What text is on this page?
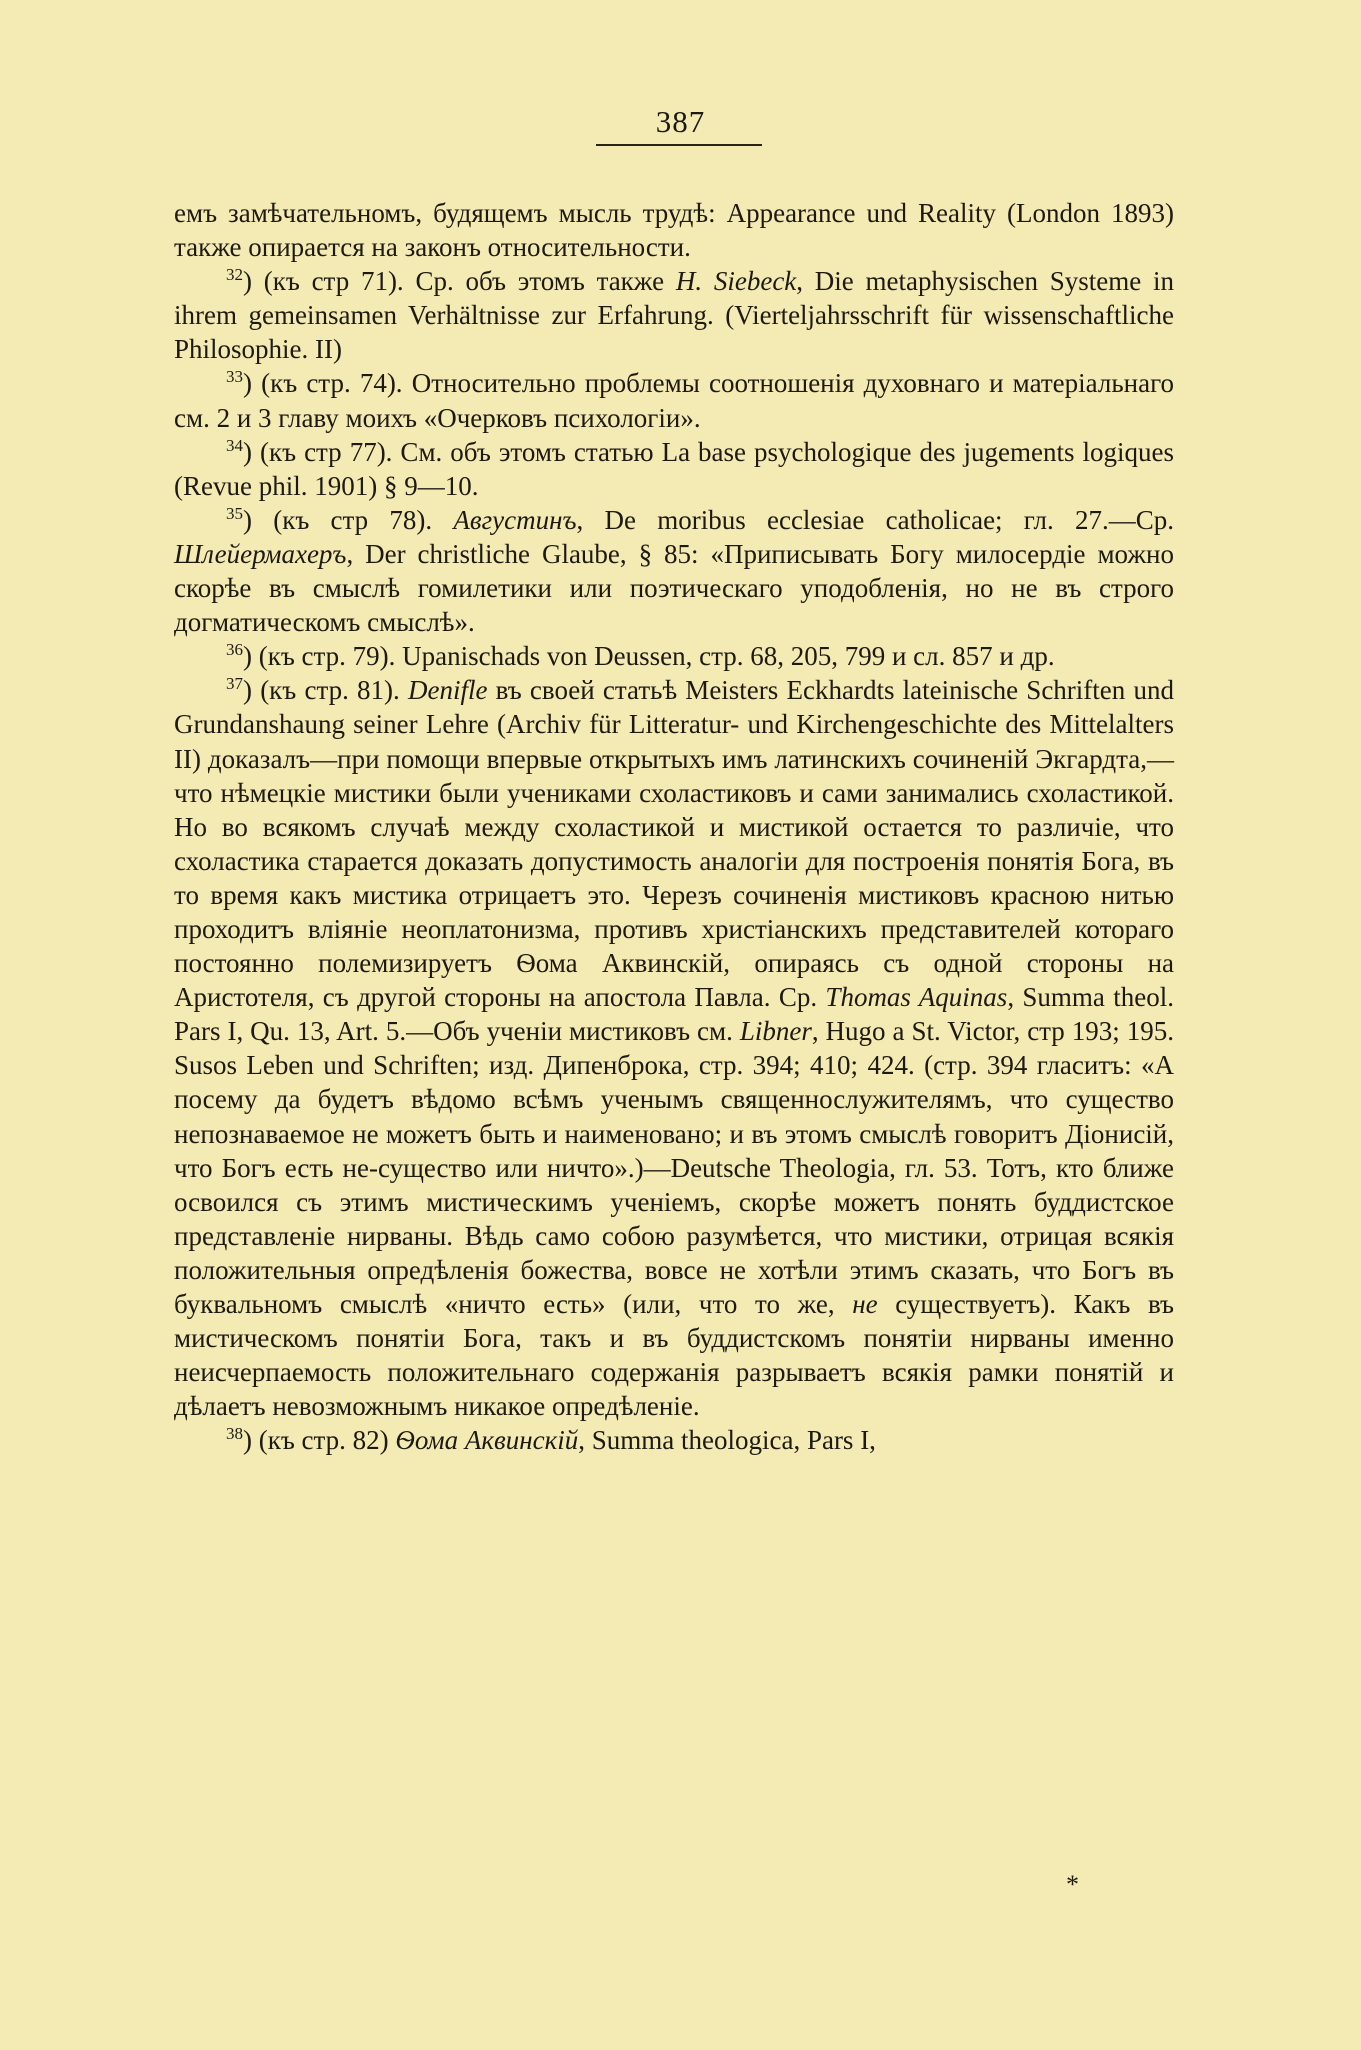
387

емъ замѣчательномъ, будящемъ мысль трудѣ: Appearance und Reality (London 1893) также опирается на законъ относительности.

$^{32}$) (къ стр 71). Ср. объ этомъ также H. Siebeck, Die metaphysischen Systeme in ihrem gemeinsamen Verhältnisse zur Erfahrung. (Vierteljahrsschrift für wissenschaftliche Philosophie. II)

$^{33}$) (къ стр. 74). Относительно проблемы соотношенія духовнаго и матеріальнаго см. 2 и 3 главу моихъ «Очерковъ психологіи».

$^{34}$) (къ стр 77). См. объ этомъ статью La base psychologique des jugements logiques (Revue phil. 1901) § 9—10.

$^{35}$) (къ стр 78). Августинъ, De moribus ecclesiae catholicae; гл. 27.—Ср. Шлейермахеръ, Der christliche Glaube, § 85: «Приписывать Богу милосердіе можно скорѣе въ смыслѣ гомилетики или поэтическаго уподобленія, но не въ строго догматическомъ смыслѣ».

$^{36}$) (къ стр. 79). Upanischads von Deussen, стр. 68, 205, 799 и сл. 857 и др.

$^{37}$) (къ стр. 81). Denifle въ своей статьѣ Meisters Eckhardts lateinische Schriften und Grundanshaung seiner Lehre (Archiv für Litteratur- und Kirchengeschichte des Mittelalters II) доказалъ—при помощи впервые открытыхъ имъ латинскихъ сочиненій Экгардта,—что нѣмецкіе мистики были учениками схоластиковъ и сами занимались схоластикой. Но во всякомъ случаѣ между схоластикой и мистикой остается то различіе, что схоластика старается доказать допустимость аналогіи для построенія понятія Бога, въ то время какъ мистика отрицаетъ это. Черезъ сочиненія мистиковъ красною нитью проходитъ вліяніе неоплатонизма, противъ христіанскихъ представителей котораго постоянно полемизируетъ Ѳома Аквинскій, опираясь съ одной стороны на Аристотеля, съ другой стороны на апостола Павла. Ср. Thomas Aquinas, Summa theol. Pars I, Qu. 13, Art. 5.—Объ ученіи мистиковъ см. Libner, Hugo a St. Victor, стр 193; 195. Susos Leben und Schriften; изд. Дипенброка, стр. 394; 410; 424. (стр. 394 гласитъ: «А посему да будетъ вѣдомо всѣмъ ученымъ священнослужителямъ, что существо непознаваемое не можетъ быть и наименовано; и въ этомъ смыслѣ говоритъ Діонисій, что Богъ есть не-существо или ничто».)—Deutsche Theologia, гл. 53. Тотъ, кто ближе освоился съ этимъ мистическимъ ученіемъ, скорѣе можетъ понять буддистское представленіе нирваны. Вѣдь само собою разумѣется, что мистики, отрицая всякія положительныя опредѣленія божества, вовсе не хотѣли этимъ сказать, что Богъ въ буквальномъ смыслѣ «ничто есть» (или, что то же, не существуетъ). Какъ въ мистическомъ понятіи Бога, такъ и въ буддистскомъ понятіи нирваны именно неисчерпаемость положительнаго содержанія разрываетъ всякія рамки понятій и дѣлаетъ невозможнымъ никакое опредѣленіе.

$^{38}$) (къ стр. 82) Ѳома Аквинскій, Summa theologica, Pars I,

*
